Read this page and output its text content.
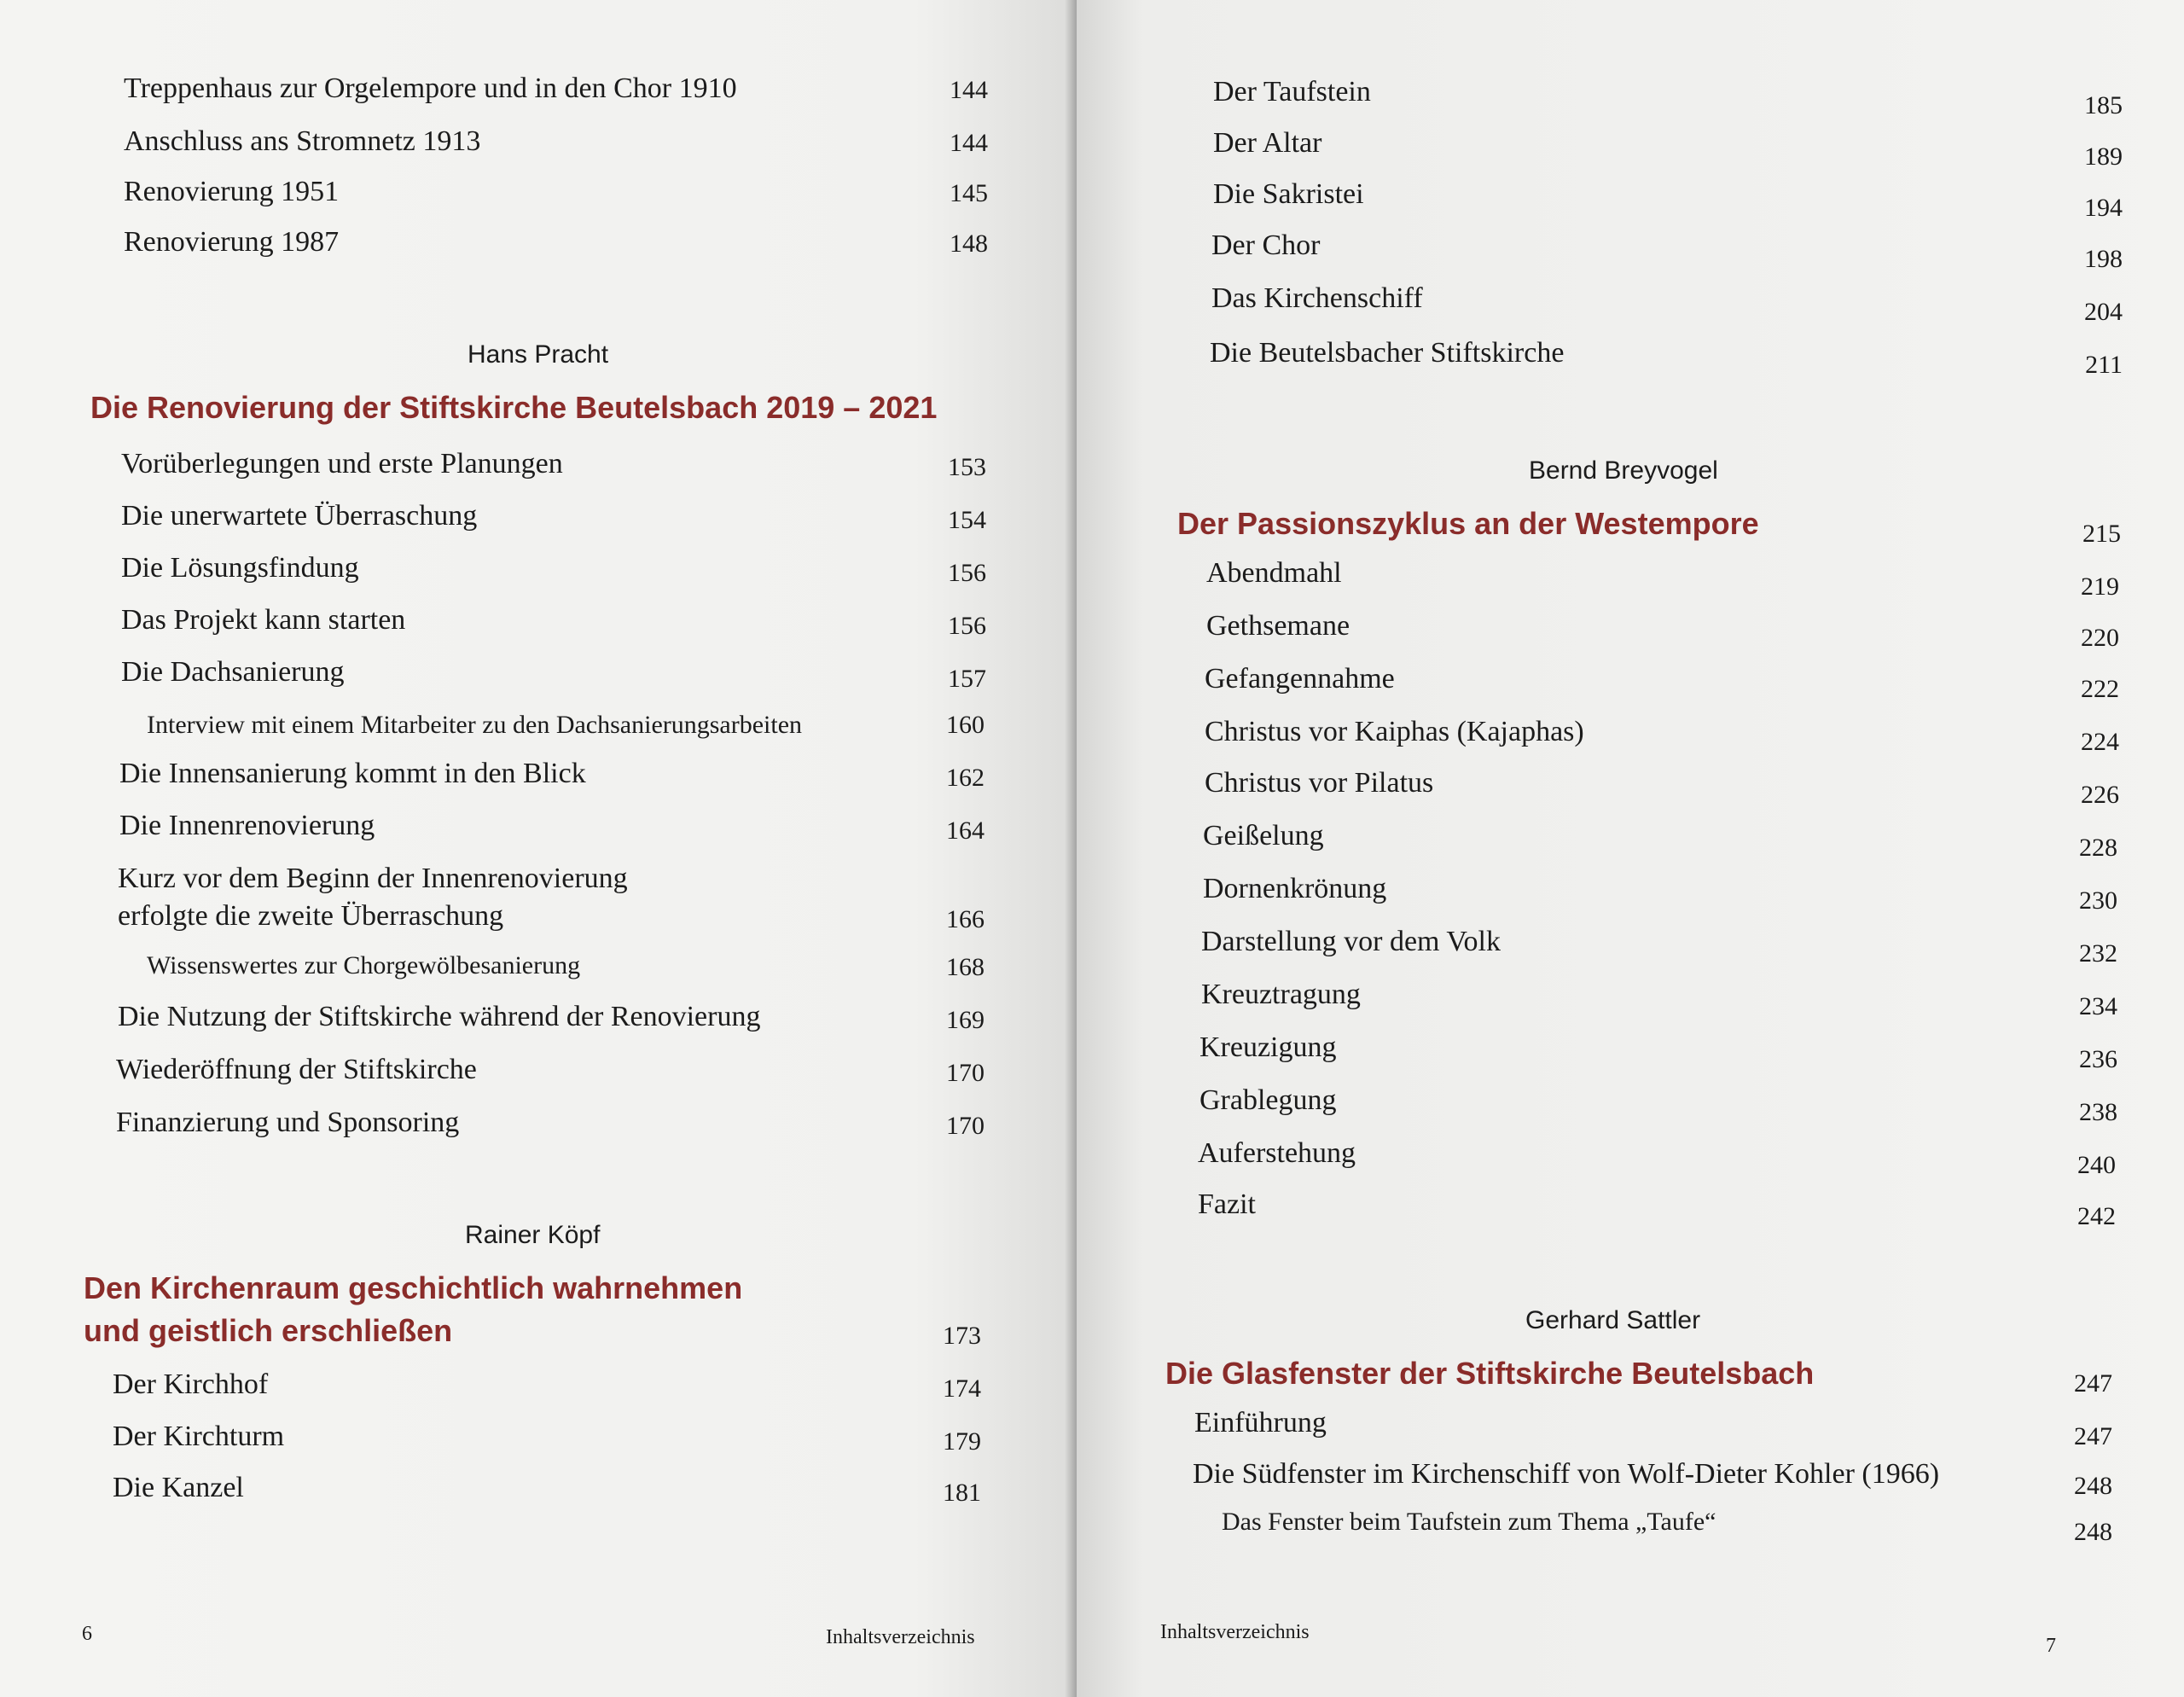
Treppenhaus zur Orgelempore und in den Chor 1910	144
Anschluss ans Stromnetz 1913	144
Renovierung 1951	145
Renovierung 1987	148
Hans Pracht
Die Renovierung der Stiftskirche Beutelsbach 2019 – 2021
Vorüberlegungen und erste Planungen	153
Die unerwartete Überraschung	154
Die Lösungsfindung	156
Das Projekt kann starten	156
Die Dachsanierung	157
Interview mit einem Mitarbeiter zu den Dachsanierungsarbeiten	160
Die Innensanierung kommt in den Blick	162
Die Innenrenovierung	164
Kurz vor dem Beginn der Innenrenovierung
erfolgte die zweite Überraschung	166
Wissenswertes zur Chorgewölbesanierung	168
Die Nutzung der Stiftskirche während der Renovierung	169
Wiederöffnung der Stiftskirche	170
Finanzierung und Sponsoring	170
Rainer Köpf
Den Kirchenraum geschichtlich wahrnehmen
und geistlich erschließen	173
Der Kirchhof	174
Der Kirchturm	179
Die Kanzel	181
6	Inhaltsverzeichnis
Der Taufstein	185
Der Altar	189
Die Sakristei	194
Der Chor	198
Das Kirchenschiff	204
Die Beutelsbacher Stiftskirche	211
Bernd Breyvogel
Der Passionszyklus an der Westempore	215
Abendmahl	219
Gethsemane	220
Gefangennahme	222
Christus vor Kaiphas (Kajaphas)	224
Christus vor Pilatus	226
Geißelung	228
Dornenkrönung	230
Darstellung vor dem Volk	232
Kreuztragung	234
Kreuzigung	236
Grablegung	238
Auferstehung	240
Fazit	242
Gerhard Sattler
Die Glasfenster der Stiftskirche Beutelsbach	247
Einführung	247
Die Südfenster im Kirchenschiff von Wolf-Dieter Kohler (1966)	248
Das Fenster beim Taufstein zum Thema „Taufe“	248
Inhaltsverzeichnis
7
